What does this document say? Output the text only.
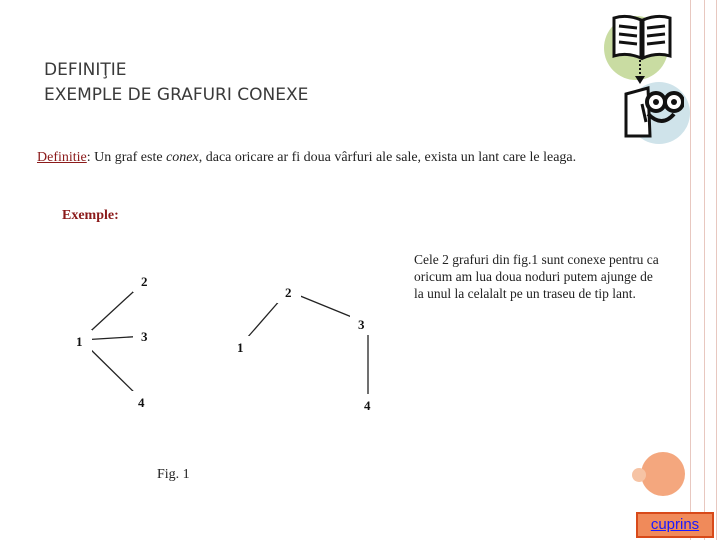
DEFINIŢIE
EXEMPLE DE GRAFURI CONEXE
Definitie: Un graf este conex, daca oricare ar fi doua vârfuri ale sale, exista un lant care le leaga.
Exemple:
2
1	3
4
2
1
3
4
Cele 2 grafuri din fig.1 sunt conexe pentru ca oricum am lua doua noduri putem ajunge de la unul la celalalt pe un traseu de tip lant.
Fig. 1
cuprins
